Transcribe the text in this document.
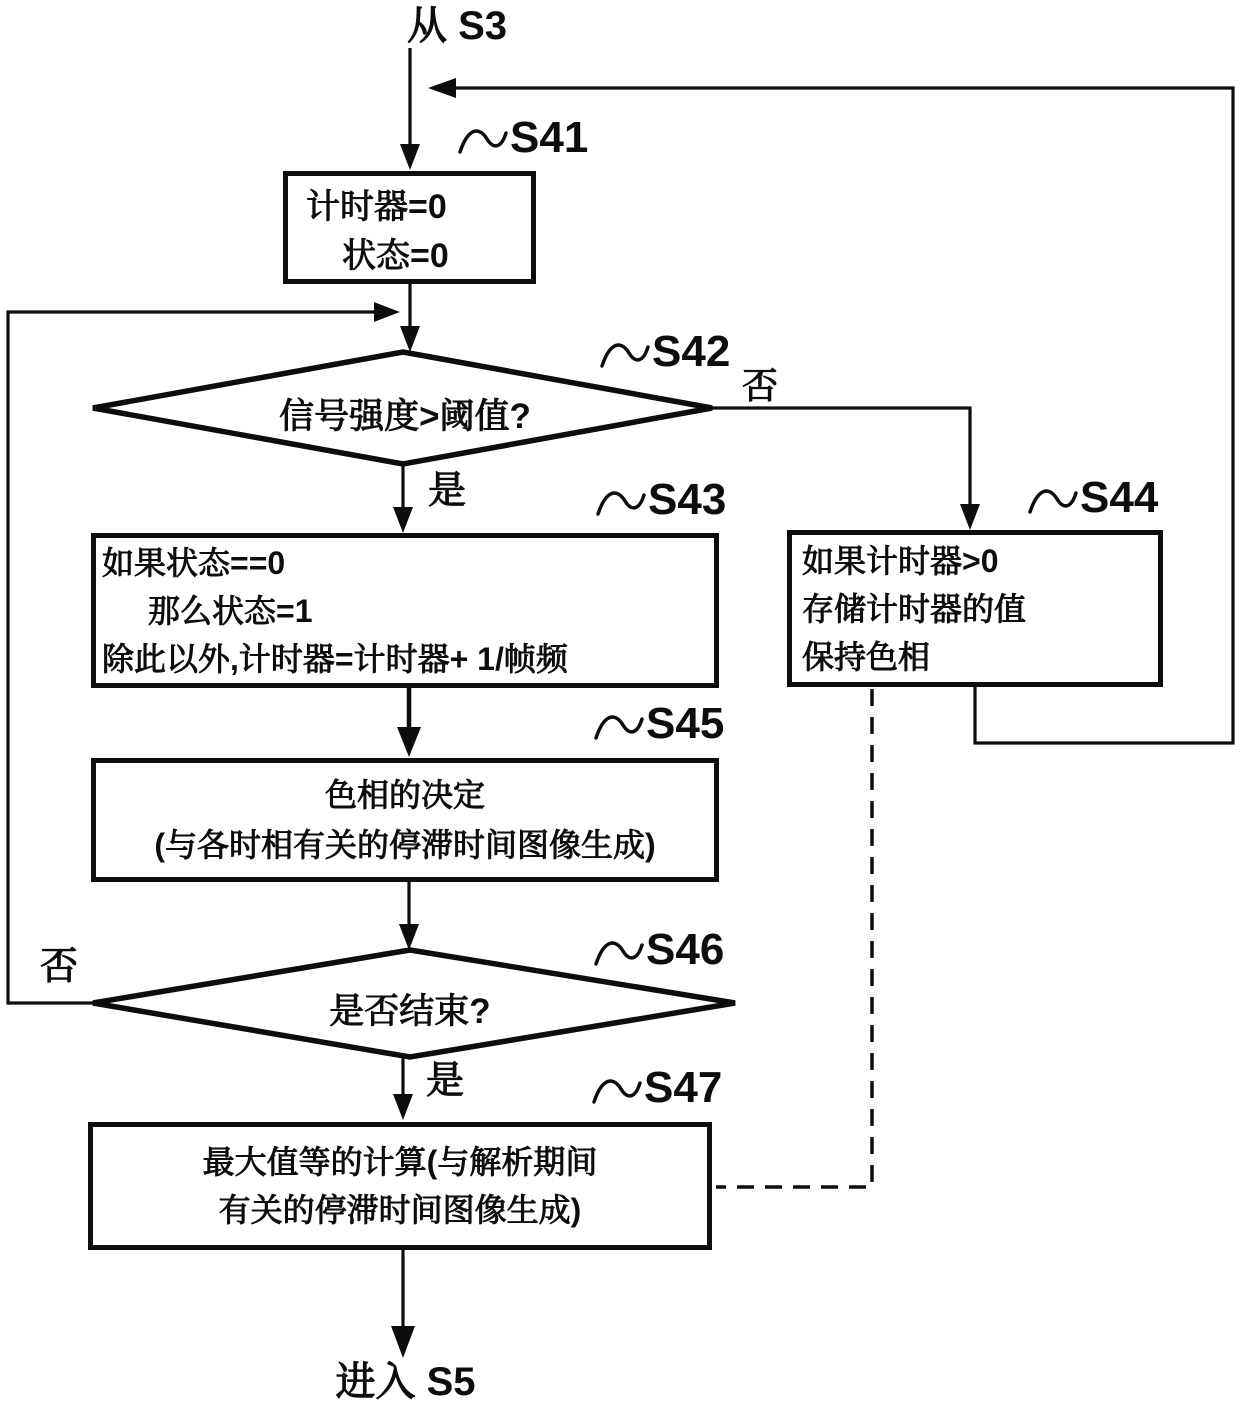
从 S3
进入 S5
计时器=0
状态=0
信号强度>阈值?
如果状态==0
那么状态=1
除此以外,计时器=计时器+ 1/帧频
如果计时器>0
存储计时器的值
保持色相
色相的决定
(与各时相有关的停滞时间图像生成)
是否结束?
最大值等的计算(与解析期间
有关的停滞时间图像生成)
S41
S42
S43	S44
S45
S46
S47
否
是
否
是
